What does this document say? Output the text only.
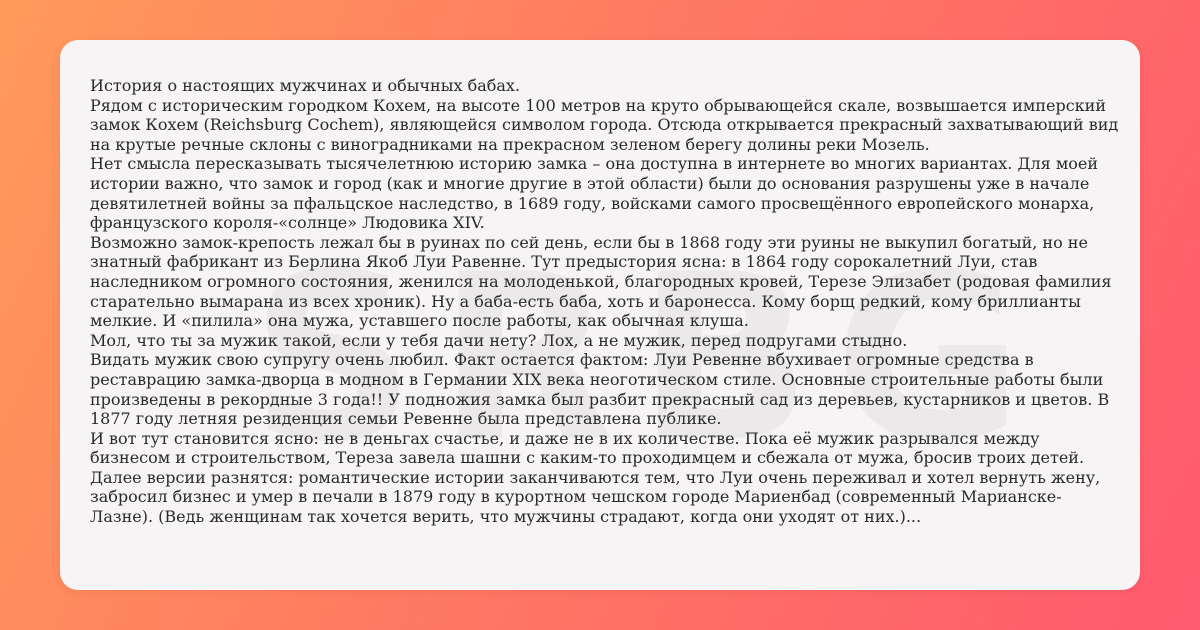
История о настоящих мужчинах и обычных бабах.

Рядом с историческим городком Кохем, на высоте 100 метров на круто обрывающейся скале, возвышается имперский замок Кохем (Reichsburg Cochem), являющейся символом города. Отсюда открывается прекрасный захватывающий вид на крутые речные склоны с виноградниками на прекрасном зеленом берегу долины реки Мозель.

Нет смысла пересказывать тысячелетнюю историю замка – она доступна в интернете во многих вариантах. Для моей истории важно, что замок и город (как и многие другие в этой области) были до основания разрушены уже в начале девятилетней войны за пфальцское наследство, в 1689 году, войсками самого просвещённого европейского монарха, французского короля-«солнце» Людовика XIV.

Возможно замок-крепость лежал бы в руинах по сей день, если бы в 1868 году эти руины не выкупил богатый, но не знатный фабрикант из Берлина Якоб Луи Равенне. Тут предыстория ясна: в 1864 году сорокалетний Луи, став наследником огромного состояния, женился на молоденькой, благородных кровей, Терезе Элизабет (родовая фамилия старательно вымарана из всех хроник). Ну а баба-есть баба, хоть и баронесса. Кому борщ редкий, кому бриллианты мелкие. И «пилила» она мужа, уставшего после работы, как обычная клуша.

Мол, что ты за мужик такой, если у тебя дачи нету? Лох, а не мужик, перед подругами стыдно.

Видать мужик свою супругу очень любил. Факт остается фактом: Луи Ревенне вбухивает огромные средства в реставрацию замка-дворца в модном в Германии XIX века неоготическом стиле. Основные строительные работы были произведены в рекордные 3 года!! У подножия замка был разбит прекрасный сад из деревьев, кустарников и цветов. В 1877 году летняя резиденция семьи Ревенне была представлена публике.

И вот тут становится ясно: не в деньгах счастье, и даже не в их количестве. Пока её мужик разрывался между бизнесом и строительством, Тереза завела шашни с каким-то проходимцем и сбежала от мужа, бросив троих детей.

Далее версии разнятся: романтические истории заканчиваются тем, что Луи очень переживал и хотел вернуть жену, забросил бизнес и умер в печали в 1879 году в курортном чешском городе Мариенбад (современный Марианске-Лазне). (Ведь женщинам так хочется верить, что мужчины страдают, когда они уходят от них.)...
